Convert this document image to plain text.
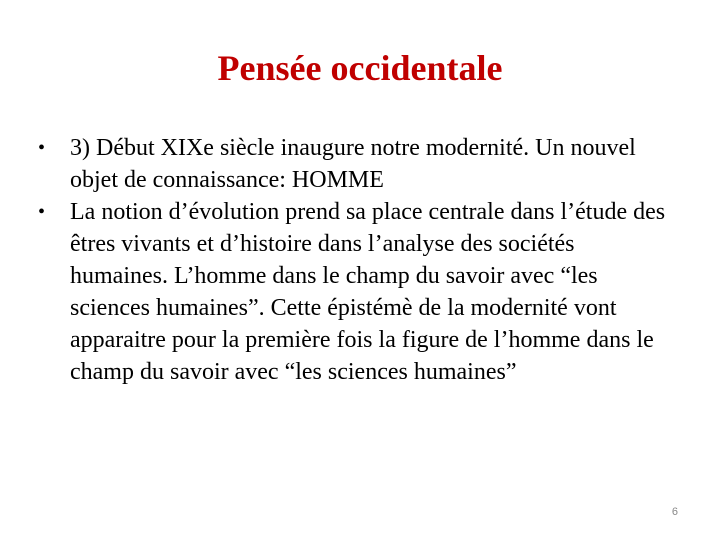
Pensée occidentale
•	3) Début XIXe siècle inaugure notre modernité. Un nouvel objet de connaissance: HOMME
•	La notion d’évolution prend sa place centrale dans l’étude des êtres vivants et d’histoire dans l’analyse des sociétés humaines. L’homme dans le champ du savoir avec “les sciences humaines”. Cette épistémè de la modernité vont apparaitre pour la première fois la figure de l’homme dans le champ du savoir avec “les sciences humaines”
6
